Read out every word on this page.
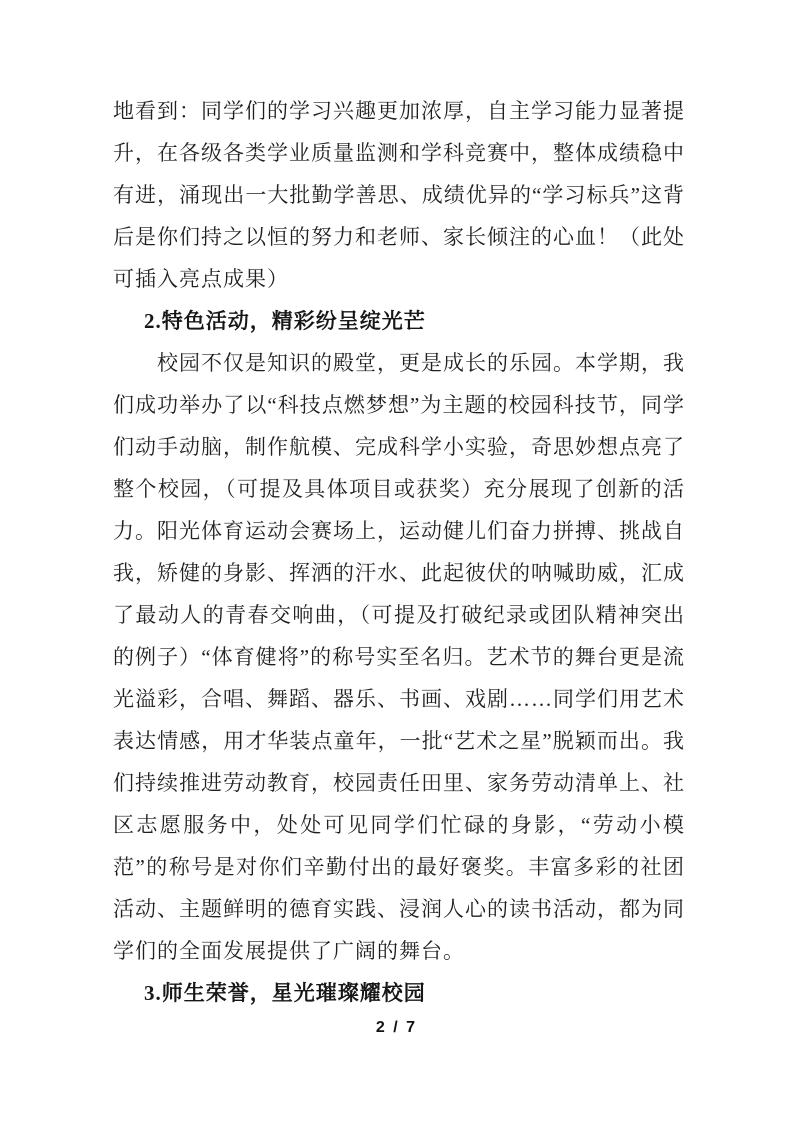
地看到：同学们的学习兴趣更加浓厚，自主学习能力显著提升，在各级各类学业质量监测和学科竞赛中，整体成绩稳中有进，涌现出一大批勤学善思、成绩优异的“学习标兵”这背后是你们持之以恒的努力和老师、家长倾注的心血！（此处可插入亮点成果）

2.特色活动，精彩纷呈绽光芒

校园不仅是知识的殿堂，更是成长的乐园。本学期，我们成功举办了以“科技点燃梦想”为主题的校园科技节，同学们动手动脑，制作航模、完成科学小实验，奇思妙想点亮了整个校园，（可提及具体项目或获奖）充分展现了创新的活力。阳光体育运动会赛场上，运动健儿们奋力拼搏、挑战自我，矫健的身影、挥洒的汗水、此起彼伏的呐喊助威，汇成了最动人的青春交响曲，（可提及打破纪录或团队精神突出的例子）“体育健将”的称号实至名归。艺术节的舞台更是流光溢彩，合唱、舞蹈、器乐、书画、戏剧……同学们用艺术表达情感，用才华装点童年，一批“艺术之星”脱颖而出。我们持续推进劳动教育，校园责任田里、家务劳动清单上、社区志愿服务中，处处可见同学们忙碌的身影，“劳动小模范”的称号是对你们辛勤付出的最好褒奖。丰富多彩的社团活动、主题鲜明的德育实践、浸润人心的读书活动，都为同学们的全面发展提供了广阔的舞台。

3.师生荣誉，星光璀璨耀校园

2 / 7
